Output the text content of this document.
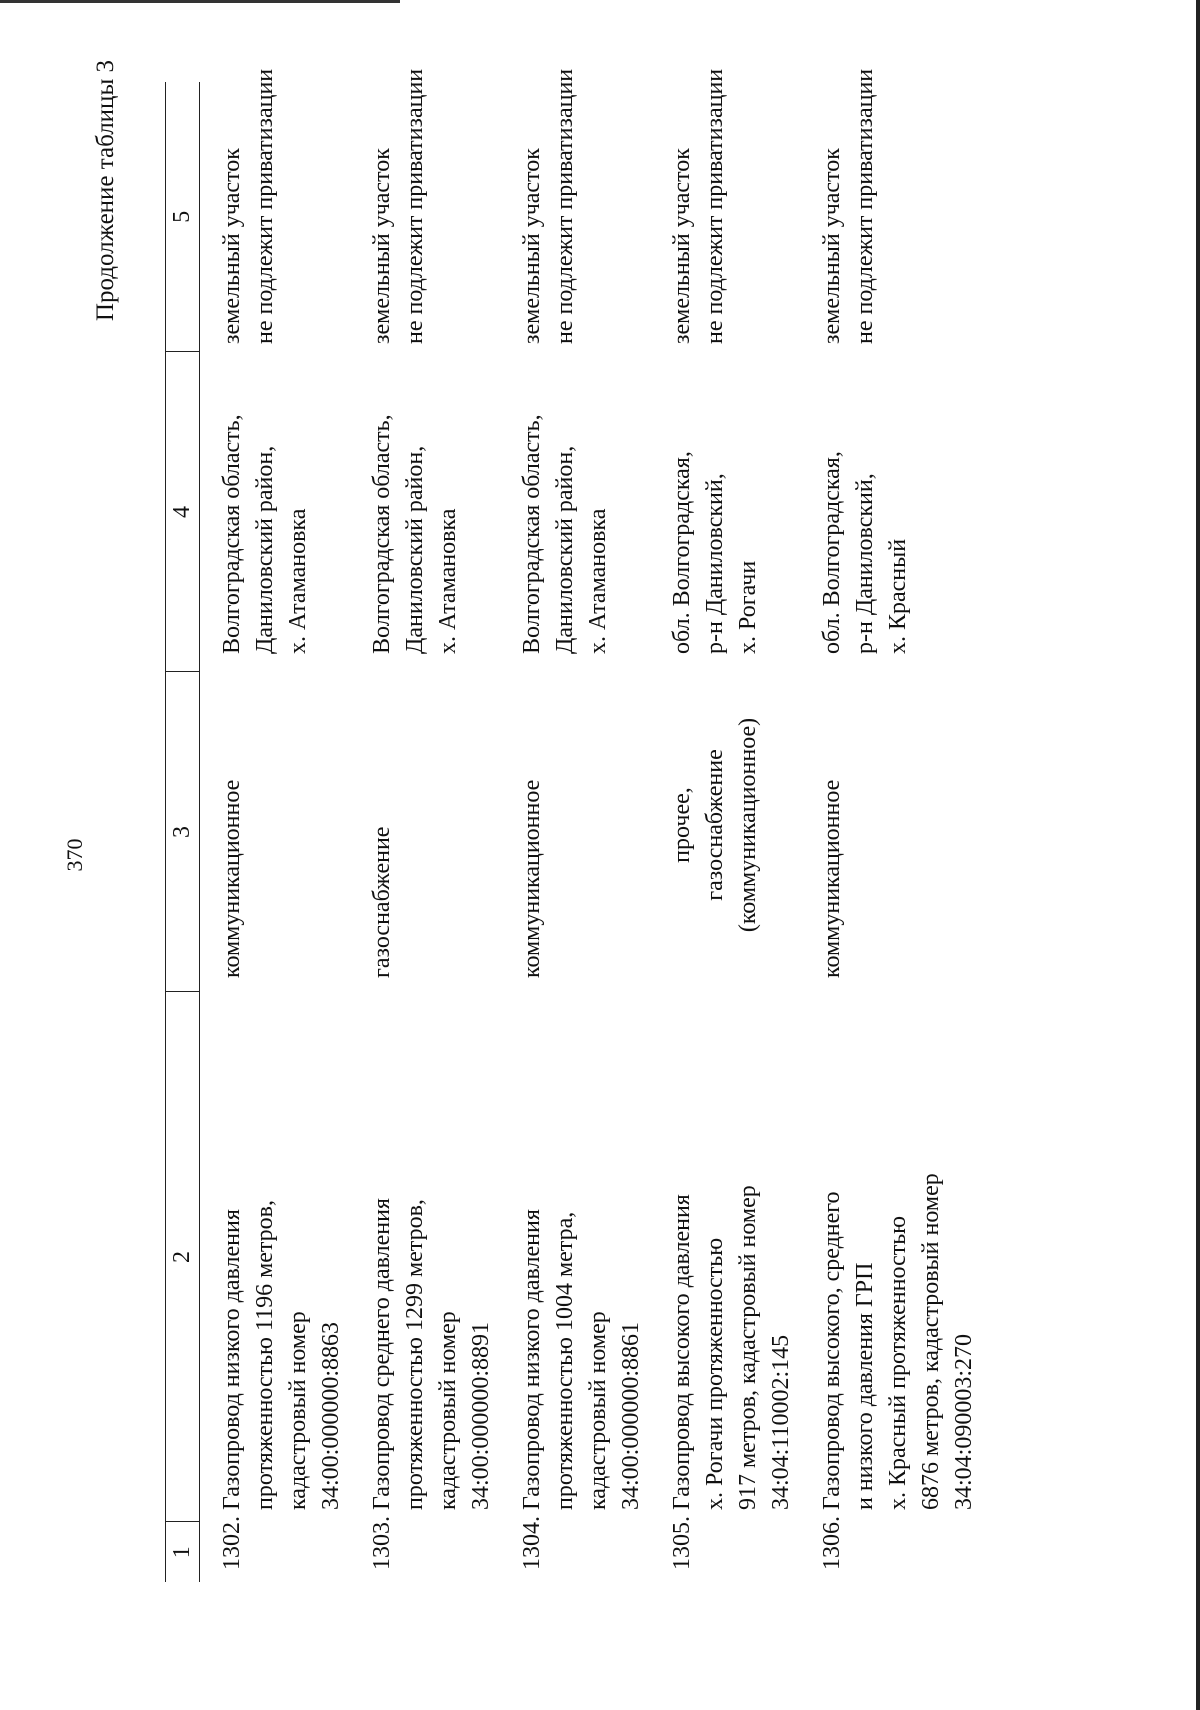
370
Продолжение таблицы 3
1	2	3	4	5
1302.	Газопровод низкого давления протяженностью 1196 метров, кадастровый номер 34:00:000000:8863	коммуникационное	Волгоградская область, Даниловский район, х. Атамановка	земельный участок не подлежит приватизации

1303.	Газопровод среднего давления протяженностью 1299 метров, кадастровый номер 34:00:000000:8891	газоснабжение	Волгоградская область, Даниловский район, х. Атамановка	земельный участок не подлежит приватизации

1304.	Газопровод низкого давления протяженностью 1004 метра, кадастровый номер 34:00:000000:8861	коммуникационное	Волгоградская область, Даниловский район, х. Атамановка	земельный участок не подлежит приватизации

1305.	Газопровод высокого давления х. Рогачи протяженностью 917 метров, кадастровый номер 34:04:110002:145	прочее, газоснабжение (коммуникационное)	обл. Волгоградская, р-н Даниловский, х. Рогачи	земельный участок не подлежит приватизации

1306.	Газопровод высокого, среднего и низкого давления ГРП х. Красный протяженностью 6876 метров, кадастровый номер 34:04:090003:270	коммуникационное	обл. Волгоградская, р-н Даниловский, х. Красный	земельный участок не подлежит приватизации
